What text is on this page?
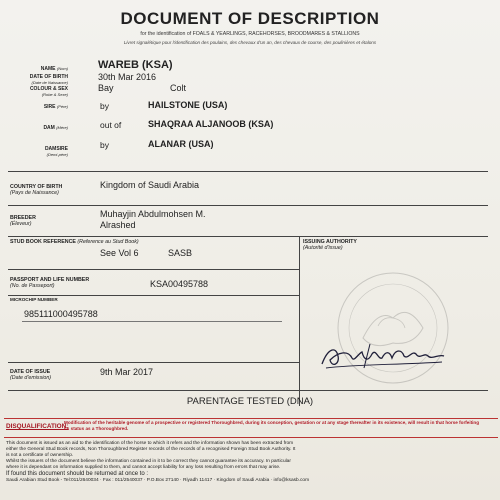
DOCUMENT OF DESCRIPTION
for the identification of FOALS & YEARLINGS, RACEHORSES, BROODMARES & STALLIONS
Livret signalétique pour l'identification des poulains, des chevaux d'un an, des chevaux de course, des poulinières et étalons
NAME (Nom)	WAREB (KSA)
DATE OF BIRTH
(Date de Naissance)
30th Mar 2016
COLOUR & SEX
(Robe & Sexe)
Bay	Colt
SIRE (Père)	by	HAILSTONE (USA)
DAM (Mère)	out of	SHAQRAA ALJANOOB (KSA)
DAMSIRE
(Demi-père)
by	ALANAR (USA)
COUNTRY OF BIRTH
(Pays de Naissance)
Kingdom of Saudi Arabia
BREEDER
(Éleveur)
Muhayjin Abdulmohsen M.
Alrashed
STUD BOOK REFERENCE (Reference au Stud Book)
See Vol 6	SASB
ISSUING AUTHORITY
(Autorité d'issue)
PASSPORT AND LIFE NUMBER
(No. de Passeport)	KSA00495788
MICROCHIP NUMBER
985111000495788
DATE OF ISSUE
(Date d'emission)
9th Mar 2017
PARENTAGE TESTED (DNA)
DISQUALIFICATION:
Modification of the heritable genome of a prospective or registered Thoroughbred, during its conception, gestation or at any stage thereafter in its existence, will result in that horse forfeiting its status as a Thoroughbred.
This document is issued as an aid to the identification of the horse to which it refers and the information shown has been extracted from
either the General Stud Book records, Non Thoroughbred Register records of the records of a recognised Foreign Stud Book Authority. It
is not a certificate of ownership.
Whilst the issuers of the document believe the information contained in it to be correct they cannot guarantee its accuracy. In particular
where it is dependant on information supplied to them, and cannot accept liability for any loss resulting from errors that may arise.
If found this document should be returned at once to :
Saudi Arabian Stud Book - Tel:011/2640034 · Fax : 011/2540037 · P.O.Box 27140 · Riyadh 11417 · Kingdom of Saudi Arabia · info@ksasb.com
